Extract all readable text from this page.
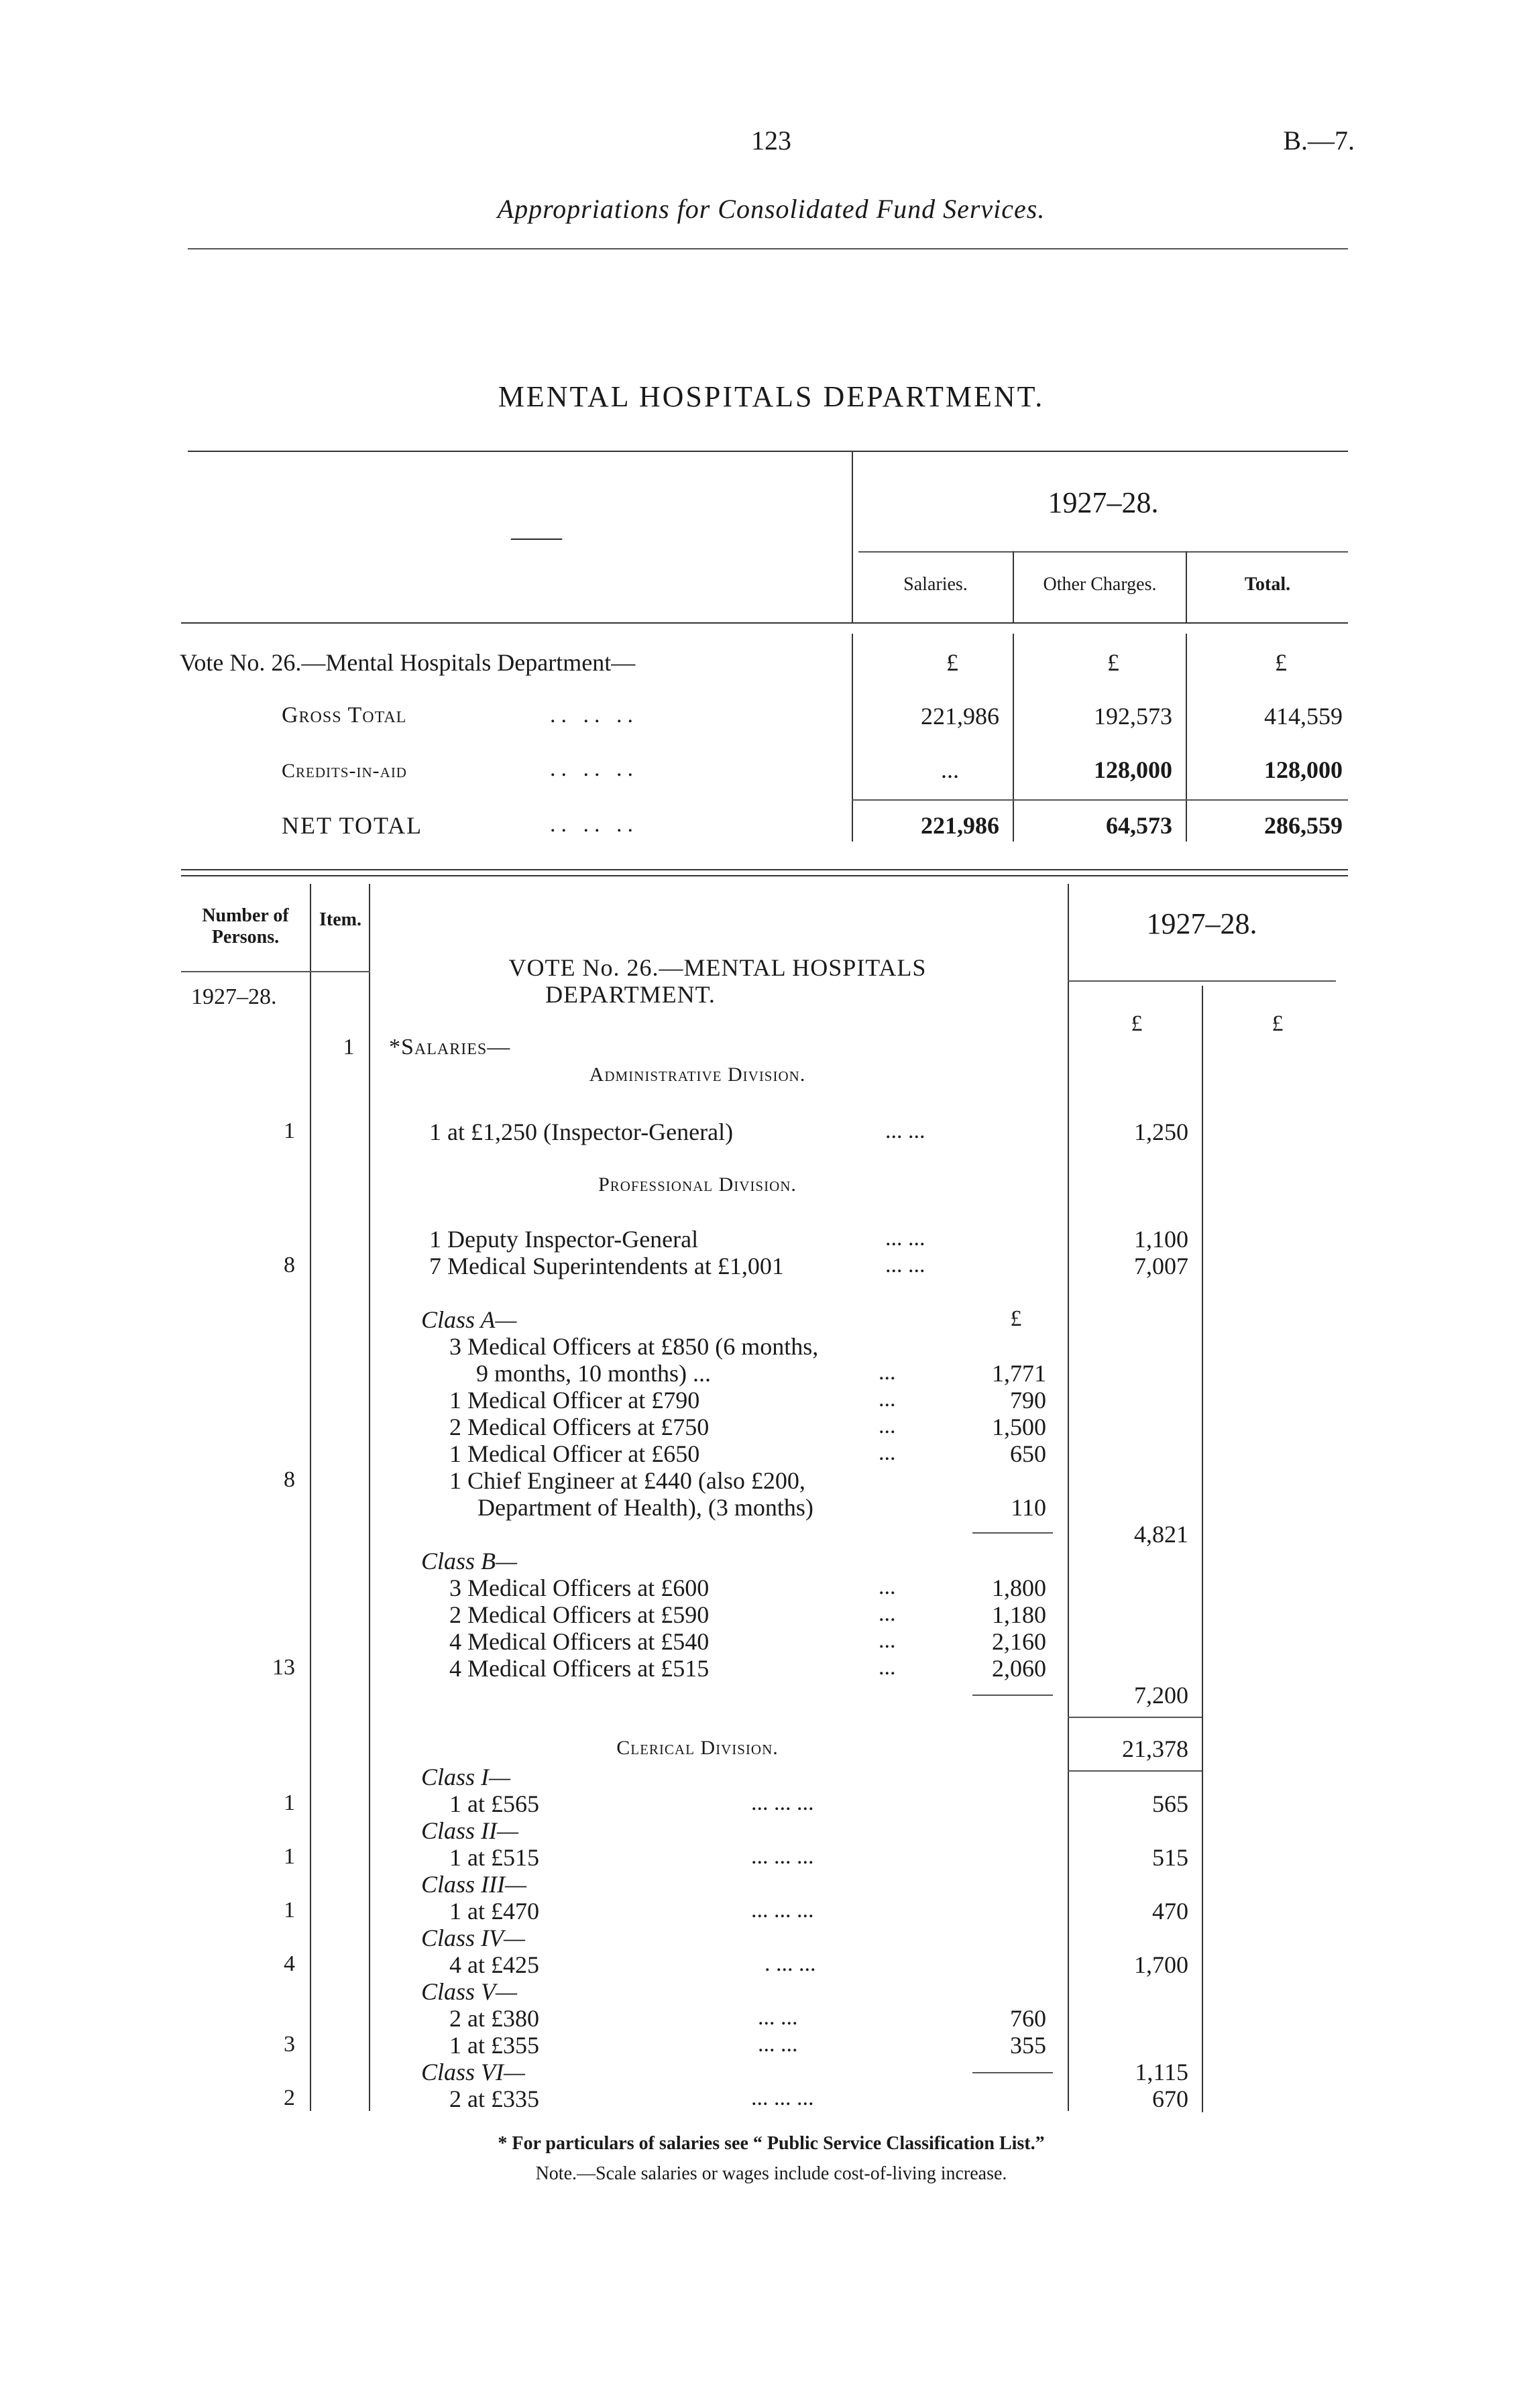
123	B.—7.
Appropriations for Consolidated Fund Services.
MENTAL HOSPITALS DEPARTMENT.
——
1927–28.
Salaries.	Other Charges.	Total.
Vote No. 26.—Mental Hospitals Department—	£	£	£
Gross Total	.. .. ..	221,986	192,573	414,559
Credits-in-aid	.. .. ..	...	128,000	128,000
NET TOTAL	.. .. ..	221,986	64,573	286,559
Number of Persons.
Item.	1927–28.
1927–28.
£	£
VOTE No. 26.—MENTAL HOSPITALS
DEPARTMENT.
1	*Salaries—
Administrative Division.
1	1 at £1,250 (Inspector-General)	... ...	1,250
Professional Division.
1 Deputy Inspector-General	... ...	1,100
8	7 Medical Superintendents at £1,001	... ...	7,007
Class A—	£
3 Medical Officers at £850 (6 months,
9 months, 10 months) ...	...	1,771
1 Medical Officer at £790	...	790
2 Medical Officers at £750	...	1,500
1 Medical Officer at £650	...	650
8	1 Chief Engineer at £440 (also £200,
Department of Health), (3 months)	110
4,821
Class B—
3 Medical Officers at £600	...	1,800
2 Medical Officers at £590	...	1,180
4 Medical Officers at £540	...	2,160
13	4 Medical Officers at £515	...	2,060
7,200
Clerical Division.	21,378
Class I—
1	1 at £565	... ... ...	565
Class II—
1	1 at £515	... ... ...	515
Class III—
1	1 at £470	... ... ...	470
Class IV—
4	4 at £425	. ... ...	1,700
Class V—
2 at £380	... ...	760
3	1 at £355	... ...	355
Class VI—	1,115
2	2 at £335	... ... ...	670
* For particulars of salaries see “ Public Service Classification List.”
Note.—Scale salaries or wages include cost-of-living increase.
